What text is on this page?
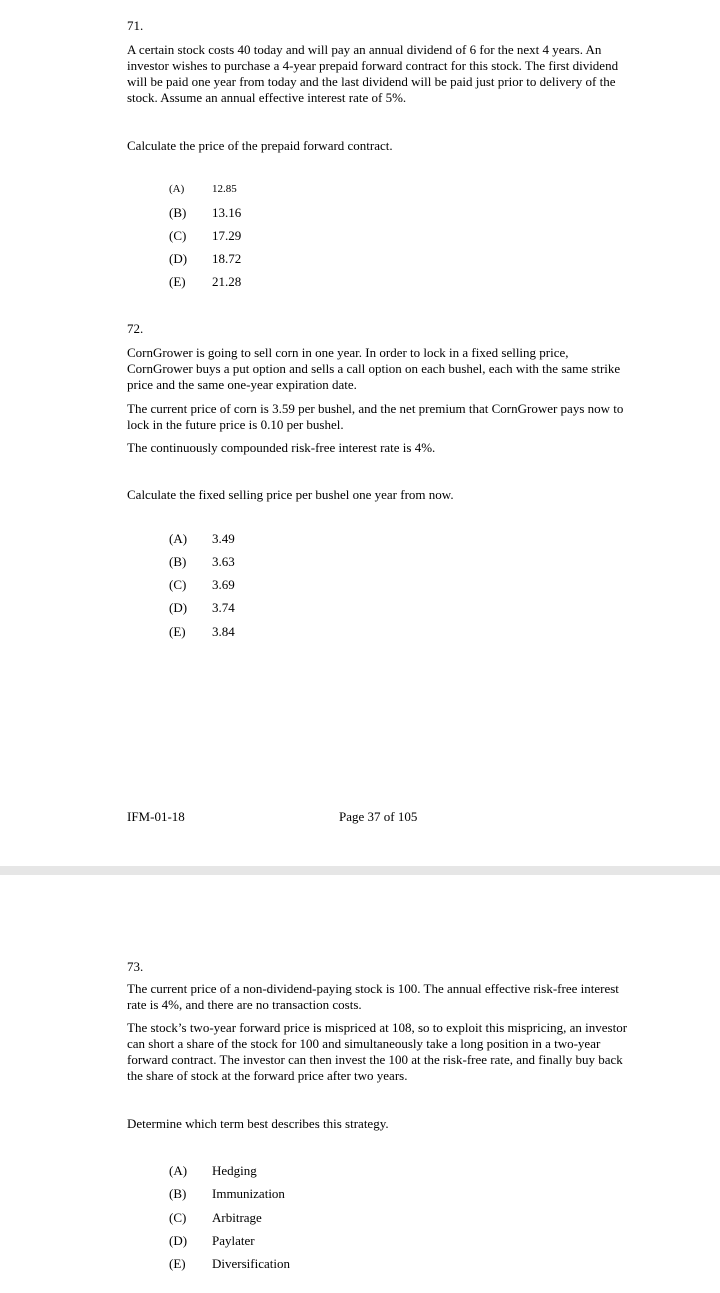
71.
A certain stock costs 40 today and will pay an annual dividend of 6 for the next 4 years. An investor wishes to purchase a 4-year prepaid forward contract for this stock. The first dividend will be paid one year from today and the last dividend will be paid just prior to delivery of the stock. Assume an annual effective interest rate of 5%.
Calculate the price of the prepaid forward contract.
(A)	12.85
(B) 13.16
(C) 17.29
(D) 18.72
(E) 21.28
72.
CornGrower is going to sell corn in one year. In order to lock in a fixed selling price, CornGrower buys a put option and sells a call option on each bushel, each with the same strike price and the same one-year expiration date.
The current price of corn is 3.59 per bushel, and the net premium that CornGrower pays now to lock in the future price is 0.10 per bushel.
The continuously compounded risk-free interest rate is 4%.
Calculate the fixed selling price per bushel one year from now.
(A) 3.49
(B) 3.63
(C) 3.69
(D) 3.74
(E) 3.84
IFM-01-18	Page 37 of 105
73.
The current price of a non-dividend-paying stock is 100. The annual effective risk-free interest rate is 4%, and there are no transaction costs.
The stock’s two-year forward price is mispriced at 108, so to exploit this mispricing, an investor can short a share of the stock for 100 and simultaneously take a long position in a two-year forward contract. The investor can then invest the 100 at the risk-free rate, and finally buy back the share of stock at the forward price after two years.
Determine which term best describes this strategy.
(A) Hedging
(B) Immunization
(C) Arbitrage
(D) Paylater
(E) Diversification
